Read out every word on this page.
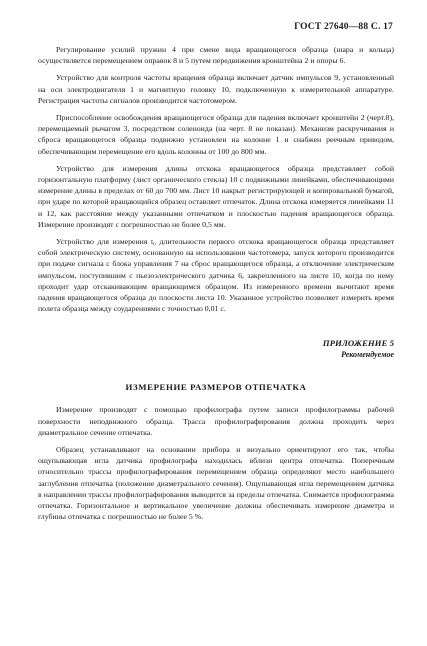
ГОСТ 27640—88 С. 17

Регулирование усилий пружин 4 при смене вида вращающегося образца (шара и кольца) осуществляется перемещением оправок 8 и 5 путем передвижения кронштейна 2 и опоры 6.

Устройство для контроля частоты вращения образца включает датчик импульсов 9, установленный на оси электродвигателя 1 и магнитную головку 10, подключенную к измерительной аппаратуре. Регистрация частоты сигналов производится частотомером.

Приспособление освобождения вращающегося образца для падения включает кронштейн 2 (черт.8), перемещаемый рычагом 3, посредством соленоида (на черт. 8 не показан). Механизм раскручивания и сброса вращающегося образца подвижно установлен на колонне 1 и снабжен реечным приводом, обеспечивающим перемещение его вдоль колонны от 100 до 800 мм.

Устройство для измерения длины отскока вращающегося образца представляет собой горизонтальную платформу (лист органического стекла) 10 с подвижными линейками, обеспечивающими измерение длины в пределах от 60 до 700 мм. Лист 10 накрыт регистрирующей и копировальной бумагой, при ударе по которой вращающийся образец оставляет отпечаток. Длина отскока измеряется линейками 11 и 12, как расстояние между указанными отпечатком и плоскостью падения вращающегося образца. Измерение производят с погрешностью не более 0,5 мм.

Устройство для измерения t₀ длительности первого отскока вращающегося образца представляет собой электрическую систему, основанную на использовании частотомера, запуск которого производится при подаче сигнала с блока управления 7 на сброс вращающегося образца, а отключение электрическим импульсом, поступившим с пьезоэлектрического датчика 6, закрепленного на листе 10, когда по нему проходит удар отскакивающим вращающимся образцом. Из измеренного времени вычитают время падения вращающегося образца до плоскости листа 10. Указанное устройство позволяет измерить время полета образца между соударениями с точностью 0,01 с.

ПРИЛОЖЕНИЕ 5
Рекомендуемое
ИЗМЕРЕНИЕ РАЗМЕРОВ ОТПЕЧАТКА

Измерение производят с помощью профилографа путем записи профилограммы рабочей поверхности неподвижного образца. Трасса профилографирования должна проходить через диаметральное сечение отпечатка.

Образец устанавливают на основании прибора и визуально ориентируют его так, чтобы ощупывающая игла датчика профилографа находилась вблизи центра отпечатка. Поперечным относительно трассы профилографирования перемещением образца определяют место наибольшего заглубления отпечатка (положение диаметрального сечения). Ощупывающая игла перемещением датчика в направлении трассы профилографирования выводится за пределы отпечатка. Снимается профилограмма отпечатка. Горизонтальное и вертикальное увеличение должны обеспечивать измерение диаметра и глубины отпечатка с погрешностью не более 5 %.
